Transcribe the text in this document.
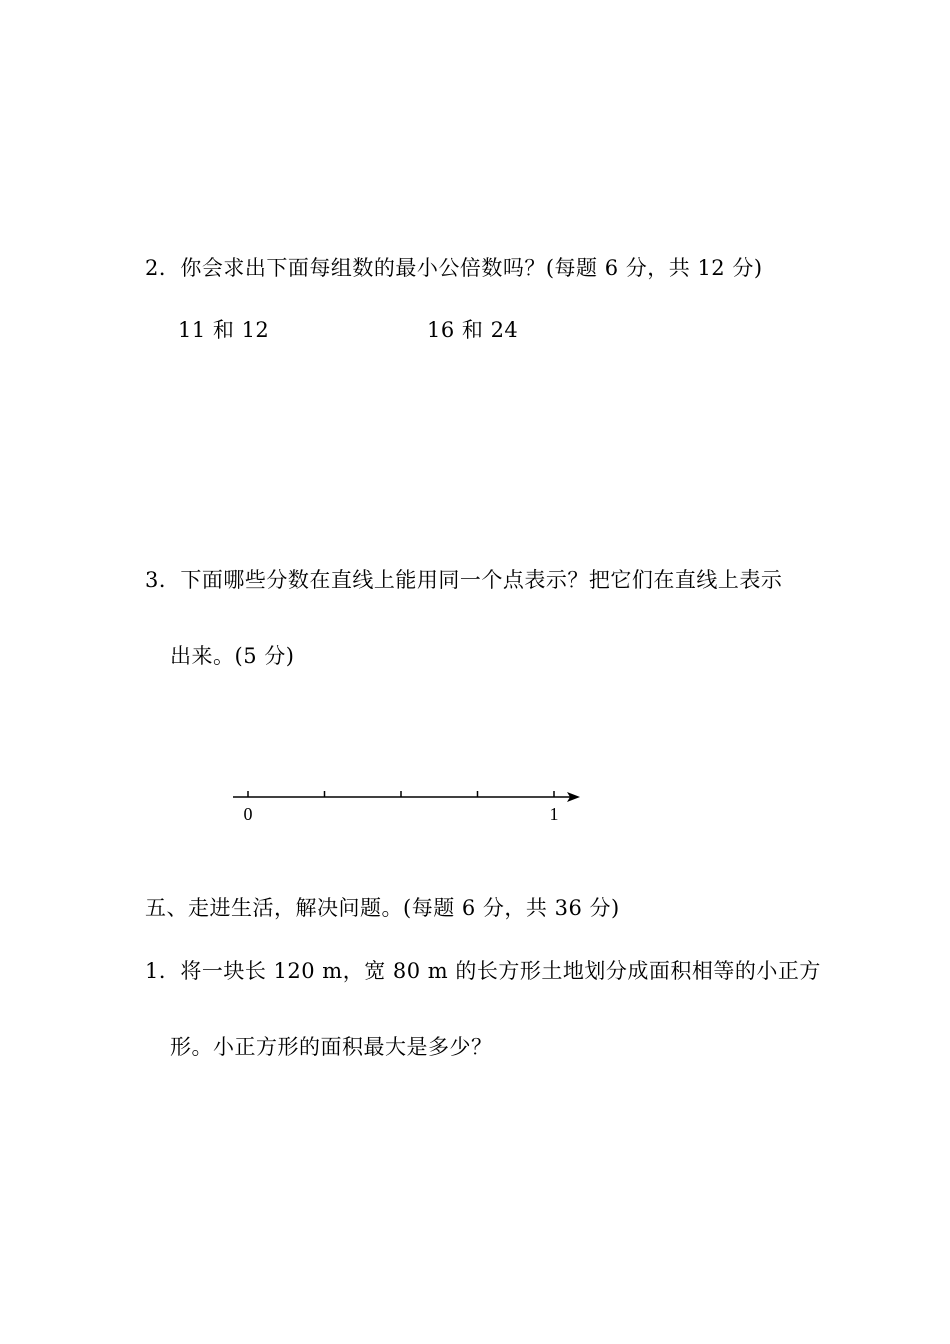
2．你会求出下面每组数的最小公倍数吗？(每题 6 分，共 12 分)
11 和 12	16 和 24
3．下面哪些分数在直线上能用同一个点表示？把它们在直线上表示
出来。(5 分)
0	1
五、走进生活，解决问题。(每题 6 分，共 36 分)
1．将一块长 120 m，宽 80 m 的长方形土地划分成面积相等的小正方
形。小正方形的面积最大是多少？
